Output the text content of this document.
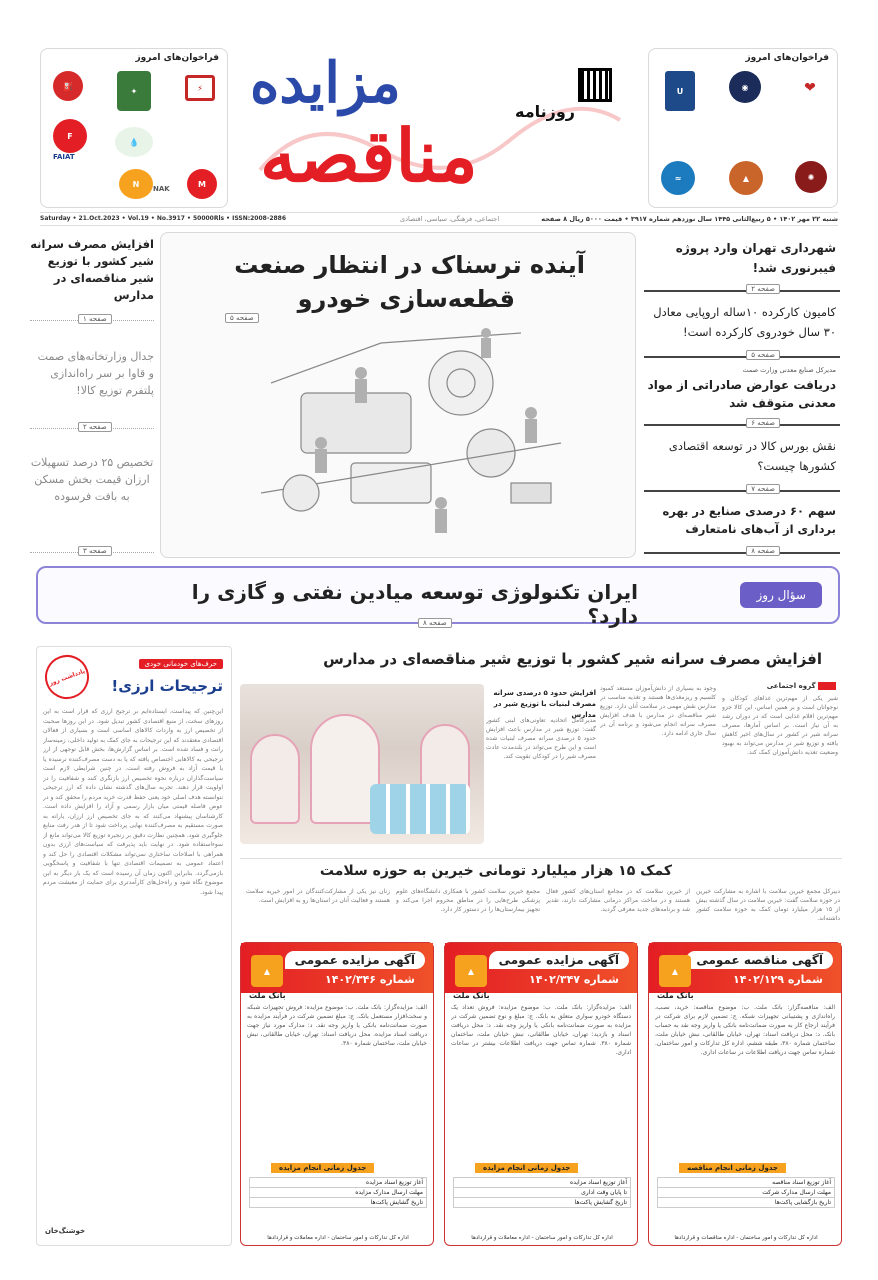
فراخوان‌های امروز
F
N	M
⛽
✦	⚡
💧
NAK
FAIAT
فراخوان‌های امروز
U	◉	❤
≈	▲	✺
مزایده	روزنامه
مناقصه
Saturday • 21.Oct.2023 • Vol.19 • No.3917 • 50000Rls • ISSN:2008-2886	اجتماعی، فرهنگی، سیاسی، اقتصادی	شنبه ۲۲ مهر ۱۴۰۲ • ۵ ربیع‌الثانی ۱۴۴۵ سال نوزدهم شماره ۳۹۱۷ • قیمت ۵۰۰۰ ریال ۸ صفحه
افزایش مصرف سرانه شیر کشور با توزیع شیر مناقصه‌ای در مدارس
صفحه ۱
جدال وزارتخانه‌های صمت و قاوا بر سر راه‌اندازی پلتفرم توزیع کالا!
صفحه ۲
تخصیص ۲۵ درصد تسهیلات ارزان قیمت بخش مسکن به بافت فرسوده
صفحه ۳
آینده ترسناک در انتظار صنعت
قطعه‌سازی خودرو
صفحه ۵
شهرداری تهران وارد پروژه فیبرنوری شد!
صفحه ۲
کامیون کارکرده ۱۰ساله اروپایی معادل ۳۰ سال خودروی کارکرده است!
صفحه ۵
مدیرکل صنایع معدنی وزارت صمت
دریافت عوارض صادراتی از مواد معدنی متوقف شد
صفحه ۶
نقش بورس کالا در توسعه اقتصادی کشورها چیست؟
صفحه ۷
سهم ۶۰ درصدی صنایع در بهره برداری از آب‌های نامتعارف
صفحه ۸
سؤال روز
ایران تکنولوژی توسعه میادین نفتی و گازی را دارد؟
صفحه ۸
افزایش مصرف سرانه شیر کشور با توزیع شیر مناقصه‌ای در مدارس
گروه اجتماعی
شیر یکی از مهم‌ترین غذاهای کودکان و نوجوانان است و بر همین اساس، این کالا جزو مهم‌ترین اقلام غذایی است که در دوران رشد به آن نیاز است. بر اساس آمارها، مصرف سرانه شیر در کشور در سال‌های اخیر کاهش یافته و توزیع شیر در مدارس می‌تواند به بهبود وضعیت تغذیه دانش‌آموزان کمک کند.
وجود به بسیاری از دانش‌آموزان مستعد کمبود کلسیم و ریزمغذی‌ها هستند و تغذیه مناسب در مدارس نقش مهمی در سلامت آنان دارد. توزیع شیر مناقصه‌ای در مدارس با هدف افزایش مصرف سرانه انجام می‌شود و برنامه آن در سال جاری ادامه دارد.
افزایش حدود ۵ درصدی سرانه مصرف لبنیات با توزیع شیر در مدارس
مدیرعامل اتحادیه تعاونی‌های لبنی کشور گفت: توزیع شیر در مدارس باعث افزایش حدود ۵ درصدی سرانه مصرف لبنیات شده است و این طرح می‌تواند در بلندمدت عادت مصرف شیر را در کودکان تقویت کند.
کمک ۱۵ هزار میلیارد تومانی خیرین به حوزه سلامت
دبیرکل مجمع خیرین سلامت با اشاره به مشارکت خیرین در حوزه سلامت گفت: خیرین سلامت در سال گذشته بیش از ۱۵ هزار میلیارد تومان کمک به حوزه سلامت کشور داشته‌اند.
از خیرین سلامت که در مجامع استان‌های کشور فعال هستند و در ساخت مراکز درمانی مشارکت دارند، تقدیر شد و برنامه‌های جدید معرفی گردید.
مجمع خیرین سلامت کشور با همکاری دانشگاه‌های علوم پزشکی طرح‌هایی را در مناطق محروم اجرا می‌کند و تجهیز بیمارستان‌ها را در دستور کار دارد.
زنان نیز یکی از مشارکت‌کنندگان در امور خیریه سلامت هستند و فعالیت آنان در استان‌ها رو به افزایش است.
یادداشت روز
حرف‌های خودمانی خودی
ترجیحات ارزی!
این‌چنین که پیداست، ایستاده‌ایم بر ترجیح ارزی که قرار است به این روزهای سخت، از منبع اقتصادی کشور تبدیل شود. در این روزها صحبت از تخصیص ارز به واردات کالاهای اساسی است و بسیاری از فعالان اقتصادی معتقدند که این ترجیحات به جای کمک به تولید داخلی، زمینه‌ساز رانت و فساد شده است. بر اساس گزارش‌ها، بخش قابل توجهی از ارز ترجیحی به کالاهایی اختصاص یافته که یا به دست مصرف‌کننده نرسیده یا با قیمت آزاد به فروش رفته است. در چنین شرایطی لازم است سیاست‌گذاران درباره نحوه تخصیص ارز بازنگری کنند و شفافیت را در اولویت قرار دهند. تجربه سال‌های گذشته نشان داده که ارز ترجیحی نتوانسته هدف اصلی خود یعنی حفظ قدرت خرید مردم را محقق کند و در عوض فاصله قیمتی میان بازار رسمی و آزاد را افزایش داده است. کارشناسان پیشنهاد می‌کنند که به جای تخصیص ارز ارزان، یارانه به صورت مستقیم به مصرف‌کننده نهایی پرداخت شود تا از هدر رفت منابع جلوگیری شود. همچنین نظارت دقیق بر زنجیره توزیع کالا می‌تواند مانع از سوءاستفاده شود. در نهایت باید پذیرفت که سیاست‌های ارزی بدون همراهی با اصلاحات ساختاری نمی‌تواند مشکلات اقتصادی را حل کند و اعتماد عمومی به تصمیمات اقتصادی تنها با شفافیت و پاسخگویی بازمی‌گردد. بنابراین اکنون زمان آن رسیده است که یک بار دیگر به این موضوع نگاه شود و راه‌حل‌های کارآمدتری برای حمایت از معیشت مردم پیدا شود.
خوشنگ‌خان
آگهی مناقصه عمومی
شماره ۱۴۰۲/۱۲۹
▲
بانک ملت
الف: مناقصه‌گزار: بانک ملت. ب: موضوع مناقصه: خرید، نصب، راه‌اندازی و پشتیبانی تجهیزات شبکه. ج: تضمین لازم برای شرکت در فرآیند ارجاع کار به صورت ضمانت‌نامه بانکی یا واریز وجه نقد به حساب بانک. د: محل دریافت اسناد: تهران، خیابان طالقانی، نبش خیابان ملت، ساختمان شماره ۳۸۰، طبقه ششم، اداره کل تدارکات و امور ساختمان. شماره تماس جهت دریافت اطلاعات در ساعات اداری.
جدول زمانی انجام مناقصه
آغاز توزیع اسناد مناقصه
مهلت ارسال مدارک شرکت
تاریخ بازگشایی پاکت‌ها
اداره کل تدارکات و امور ساختمان - اداره مناقصات و قراردادها
آگهی مزایده عمومی
شماره ۱۴۰۲/۳۴۷
▲
بانک ملت
الف: مزایده‌گزار: بانک ملت. ب: موضوع مزایده: فروش تعداد یک دستگاه خودرو سواری متعلق به بانک. ج: مبلغ و نوع تضمین شرکت در مزایده به صورت ضمانت‌نامه بانکی یا واریز وجه نقد. د: محل دریافت اسناد و بازدید: تهران، خیابان طالقانی، نبش خیابان ملت، ساختمان شماره ۳۸۰. شماره تماس جهت دریافت اطلاعات بیشتر در ساعات اداری.
جدول زمانی انجام مزایده
آغاز توزیع اسناد مزایده
تا پایان وقت اداری
تاریخ گشایش پاکت‌ها
اداره کل تدارکات و امور ساختمان - اداره معاملات و قراردادها
آگهی مزایده عمومی
شماره ۱۴۰۲/۳۴۶
▲
بانک ملت
الف: مزایده‌گزار: بانک ملت. ب: موضوع مزایده: فروش تجهیزات شبکه و سخت‌افزار مستعمل بانک. ج: مبلغ تضمین شرکت در فرآیند مزایده به صورت ضمانت‌نامه بانکی یا واریز وجه نقد. د: مدارک مورد نیاز جهت دریافت اسناد مزایده. محل دریافت اسناد: تهران، خیابان طالقانی، نبش خیابان ملت، ساختمان شماره ۳۸۰.
جدول زمانی انجام مزایده
آغاز توزیع اسناد مزایده
مهلت ارسال مدارک مزایده
تاریخ گشایش پاکت‌ها
اداره کل تدارکات و امور ساختمان - اداره معاملات و قراردادها
